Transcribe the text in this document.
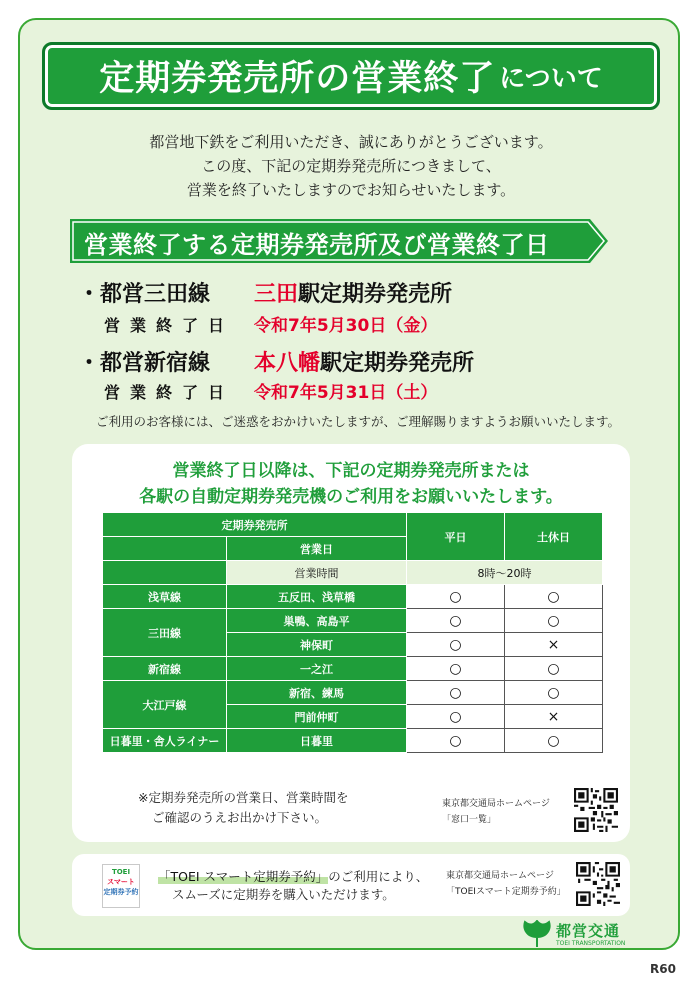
定期券発売所の営業終了 について
都営地下鉄をご利用いただき、誠にありがとうございます。
この度、下記の定期券発売所につきまして、
営業を終了いたしますのでお知らせいたします。
営業終了する定期券発売所及び営業終了日
・都営三田線 三田駅定期券発売所
営業終了日 令和7年5月30日（金）
・都営新宿線 本八幡駅定期券発売所
営業終了日 令和7年5月31日（土）
ご利用のお客様には、ご迷惑をおかけいたしますが、ご理解賜りますようお願いいたします。
営業終了日以降は、下記の定期券発売所または
各駅の自動定期券発売機のご利用をお願いいたします。
定期券発売所		平日	土休日
	営業日		
	営業時間	8時〜20時	
浅草線	五反田、浅草橋	○	○
三田線	巣鴨、高島平	○	○
	神保町	○	×
新宿線	一之江	○	○
大江戸線	新宿、練馬	○	○
	門前仲町	○	×
日暮里・舎人ライナー	日暮里	○	○
※定期券発売所の営業日、営業時間を
ご確認のうえお出かけ下さい。
東京都交通局ホームページ
「窓口一覧」
TOEI
スマート
定期券予約
「TOEI スマート定期券予約」のご利用により、
スムーズに定期券を購入いただけます。
東京都交通局ホームページ
「TOEIスマート定期券予約」
都営交通
TOEI TRANSPORTATION
R60
